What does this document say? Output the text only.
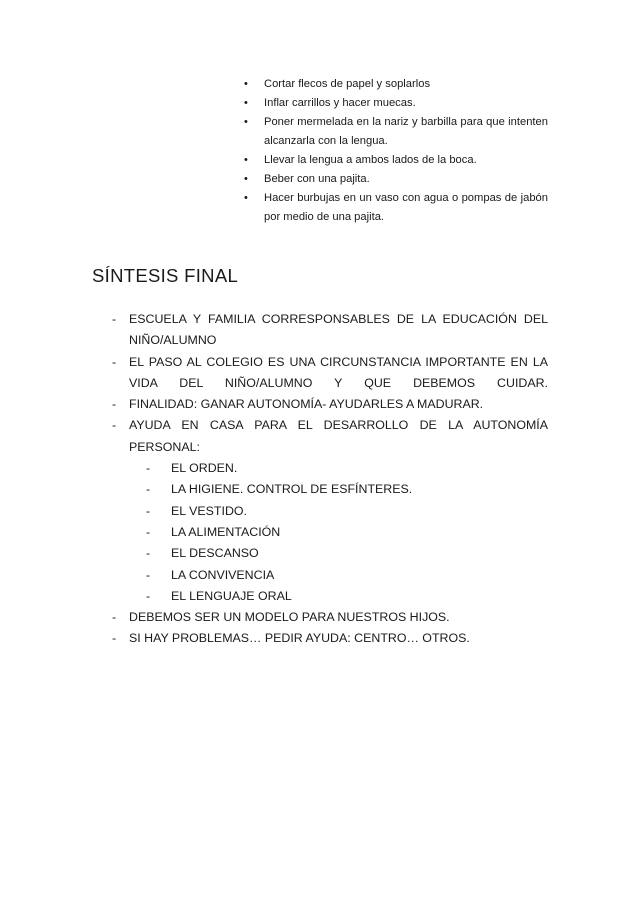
• Cortar flecos de papel y soplarlos
• Inflar carrillos y hacer muecas.
• Poner mermelada en la nariz y barbilla para que intenten alcanzarla con la lengua.
• Llevar la lengua a ambos lados de la boca.
• Beber con una pajita.
• Hacer burbujas en un vaso con agua o pompas de jabón por medio de una pajita.
SÍNTESIS FINAL
- ESCUELA Y FAMILIA CORRESPONSABLES DE LA EDUCACIÓN DEL NIÑO/ALUMNO
- EL PASO AL COLEGIO ES UNA CIRCUNSTANCIA IMPORTANTE EN LA VIDA DEL NIÑO/ALUMNO Y QUE DEBEMOS CUIDAR.
- FINALIDAD: GANAR AUTONOMÍA- AYUDARLES A MADURAR.
- AYUDA EN CASA PARA EL DESARROLLO DE LA AUTONOMÍA PERSONAL:
- EL ORDEN.
- LA HIGIENE. CONTROL DE ESFÍNTERES.
- EL VESTIDO.
- LA ALIMENTACIÓN
- EL DESCANSO
- LA CONVIVENCIA
- EL LENGUAJE ORAL
- DEBEMOS SER UN MODELO PARA NUESTROS HIJOS.
- SI HAY PROBLEMAS… PEDIR AYUDA: CENTRO… OTROS.
